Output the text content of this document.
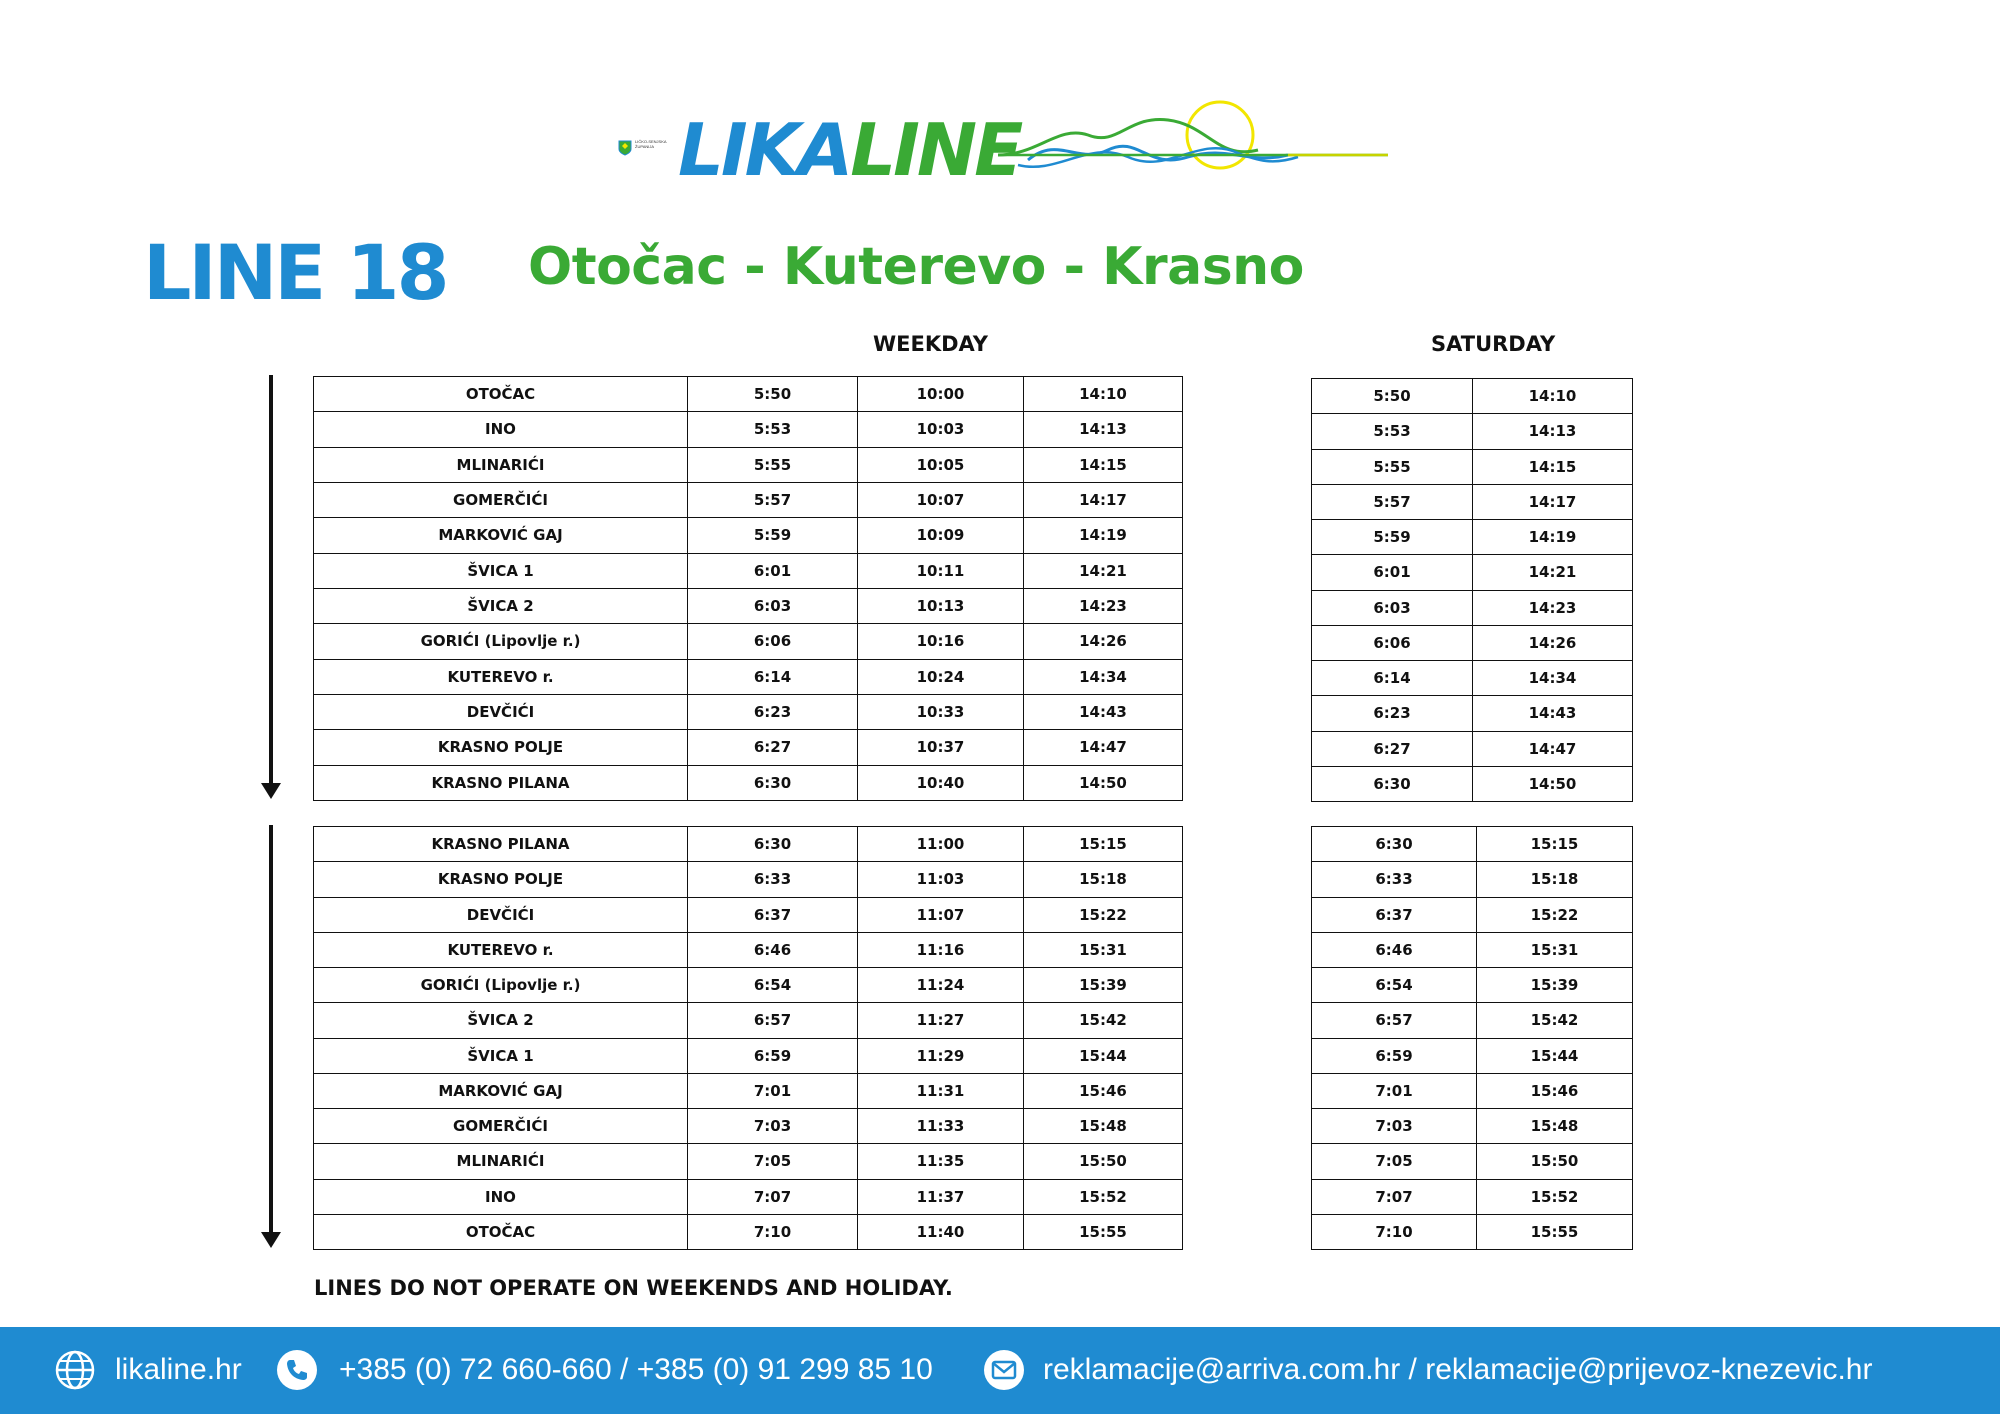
LIČKO-SENJSKA ŽUPANIJA LIKALINE
LINE 18 Otočac - Kuterevo - Krasno
WEEKDAY	SATURDAY
OTOČAC	5:50	10:00	14:10
INO	5:53	10:03	14:13
MLINARIĆI	5:55	10:05	14:15
GOMERČIĆI	5:57	10:07	14:17
MARKOVIĆ GAJ	5:59	10:09	14:19
ŠVICA 1	6:01	10:11	14:21
ŠVICA 2	6:03	10:13	14:23
GORIĆI (Lipovlje r.)	6:06	10:16	14:26
KUTEREVO r.	6:14	10:24	14:34
DEVČIĆI	6:23	10:33	14:43
KRASNO POLJE	6:27	10:37	14:47
KRASNO PILANA	6:30	10:40	14:50
5:50	14:10
5:53	14:13
5:55	14:15
5:57	14:17
5:59	14:19
6:01	14:21
6:03	14:23
6:06	14:26
6:14	14:34
6:23	14:43
6:27	14:47
6:30	14:50
KRASNO PILANA	6:30	11:00	15:15
KRASNO POLJE	6:33	11:03	15:18
DEVČIĆI	6:37	11:07	15:22
KUTEREVO r.	6:46	11:16	15:31
GORIĆI (Lipovlje r.)	6:54	11:24	15:39
ŠVICA 2	6:57	11:27	15:42
ŠVICA 1	6:59	11:29	15:44
MARKOVIĆ GAJ	7:01	11:31	15:46
GOMERČIĆI	7:03	11:33	15:48
MLINARIĆI	7:05	11:35	15:50
INO	7:07	11:37	15:52
OTOČAC	7:10	11:40	15:55
6:30	15:15
6:33	15:18
6:37	15:22
6:46	15:31
6:54	15:39
6:57	15:42
6:59	15:44
7:01	15:46
7:03	15:48
7:05	15:50
7:07	15:52
7:10	15:55
LINES DO NOT OPERATE ON WEEKENDS AND HOLIDAY.
likaline.hr	+385 (0) 72 660-660 / +385 (0) 91 299 85 10	reklamacije@arriva.com.hr / reklamacije@prijevoz-knezevic.hr
